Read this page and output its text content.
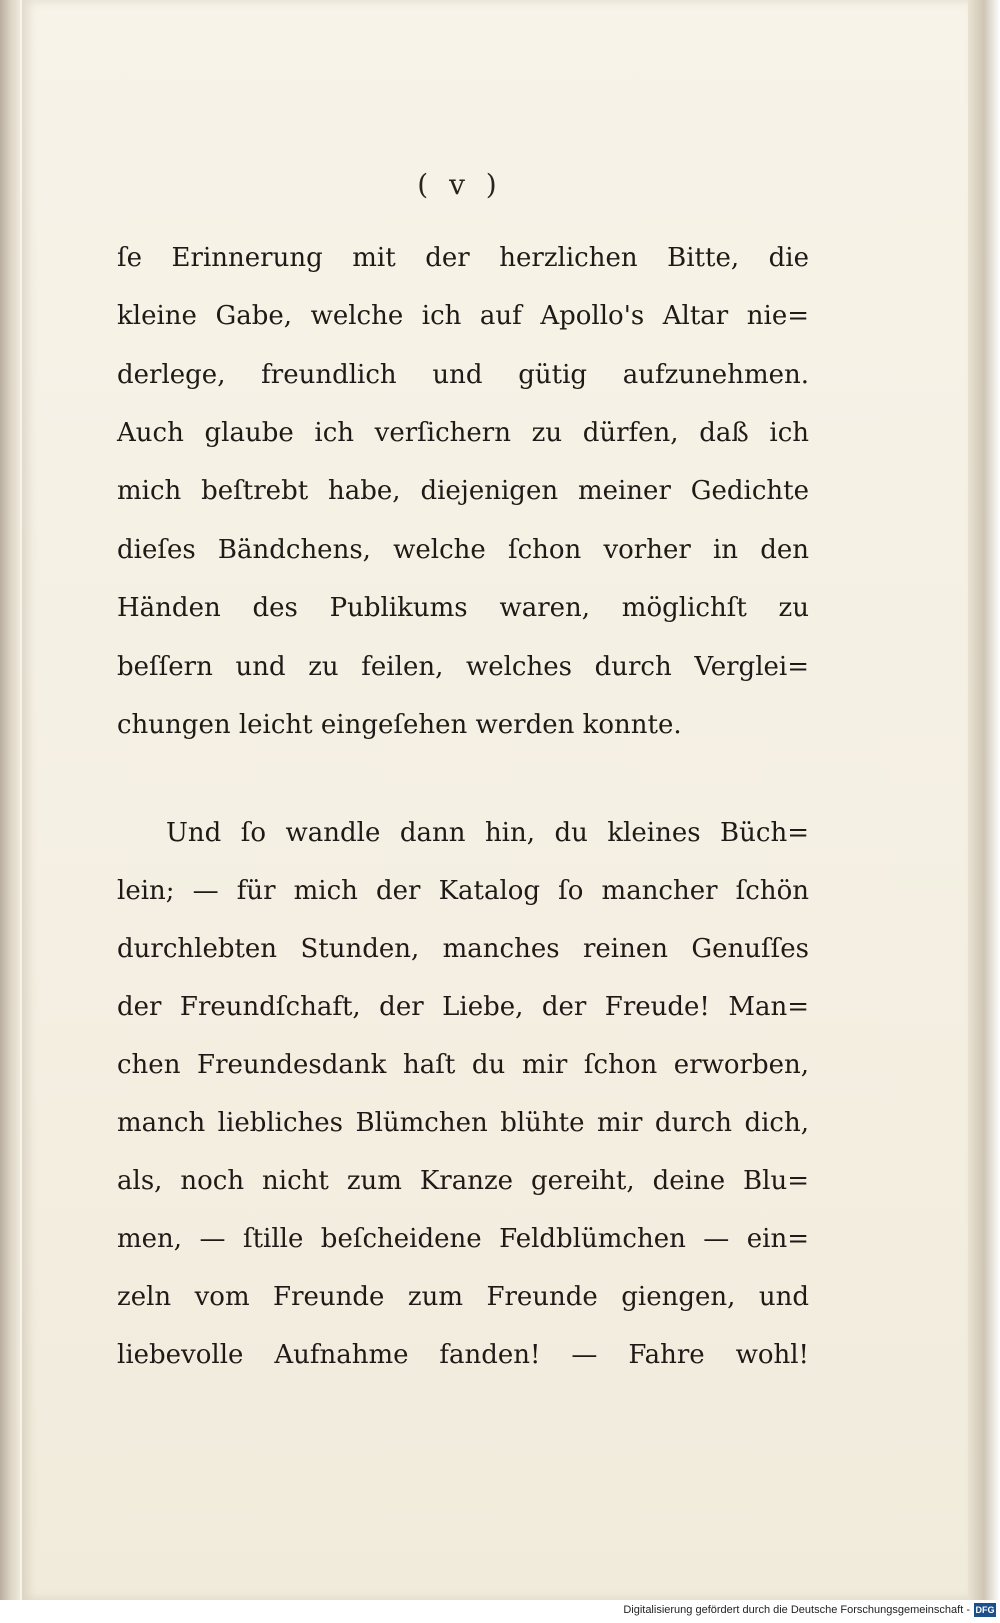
( v )
ſe Erinnerung mit der herzlichen Bitte, die
kleine Gabe, welche ich auf Apollo's Altar nie=
derlege, freundlich und gütig aufzunehmen.
Auch glaube ich verſichern zu dürfen, daß ich
mich beſtrebt habe, diejenigen meiner Gedichte
dieſes Bändchens, welche ſchon vorher in den
Händen des Publikums waren, möglichſt zu
beſſern und zu feilen, welches durch Verglei=
chungen leicht eingeſehen werden konnte.
Und ſo wandle dann hin, du kleines Büch=
lein; — für mich der Katalog ſo mancher ſchön
durchlebten Stunden, manches reinen Genuſſes
der Freundſchaft, der Liebe, der Freude! Man=
chen Freundesdank haſt du mir ſchon erworben,
manch liebliches Blümchen blühte mir durch dich,
als, noch nicht zum Kranze gereiht, deine Blu=
men, — ſtille beſcheidene Feldblümchen — ein=
zeln vom Freunde zum Freunde giengen, und
liebevolle Aufnahme fanden! — Fahre wohl!
Digitalisierung gefördert durch die Deutsche Forschungsgemeinschaft - DFG
